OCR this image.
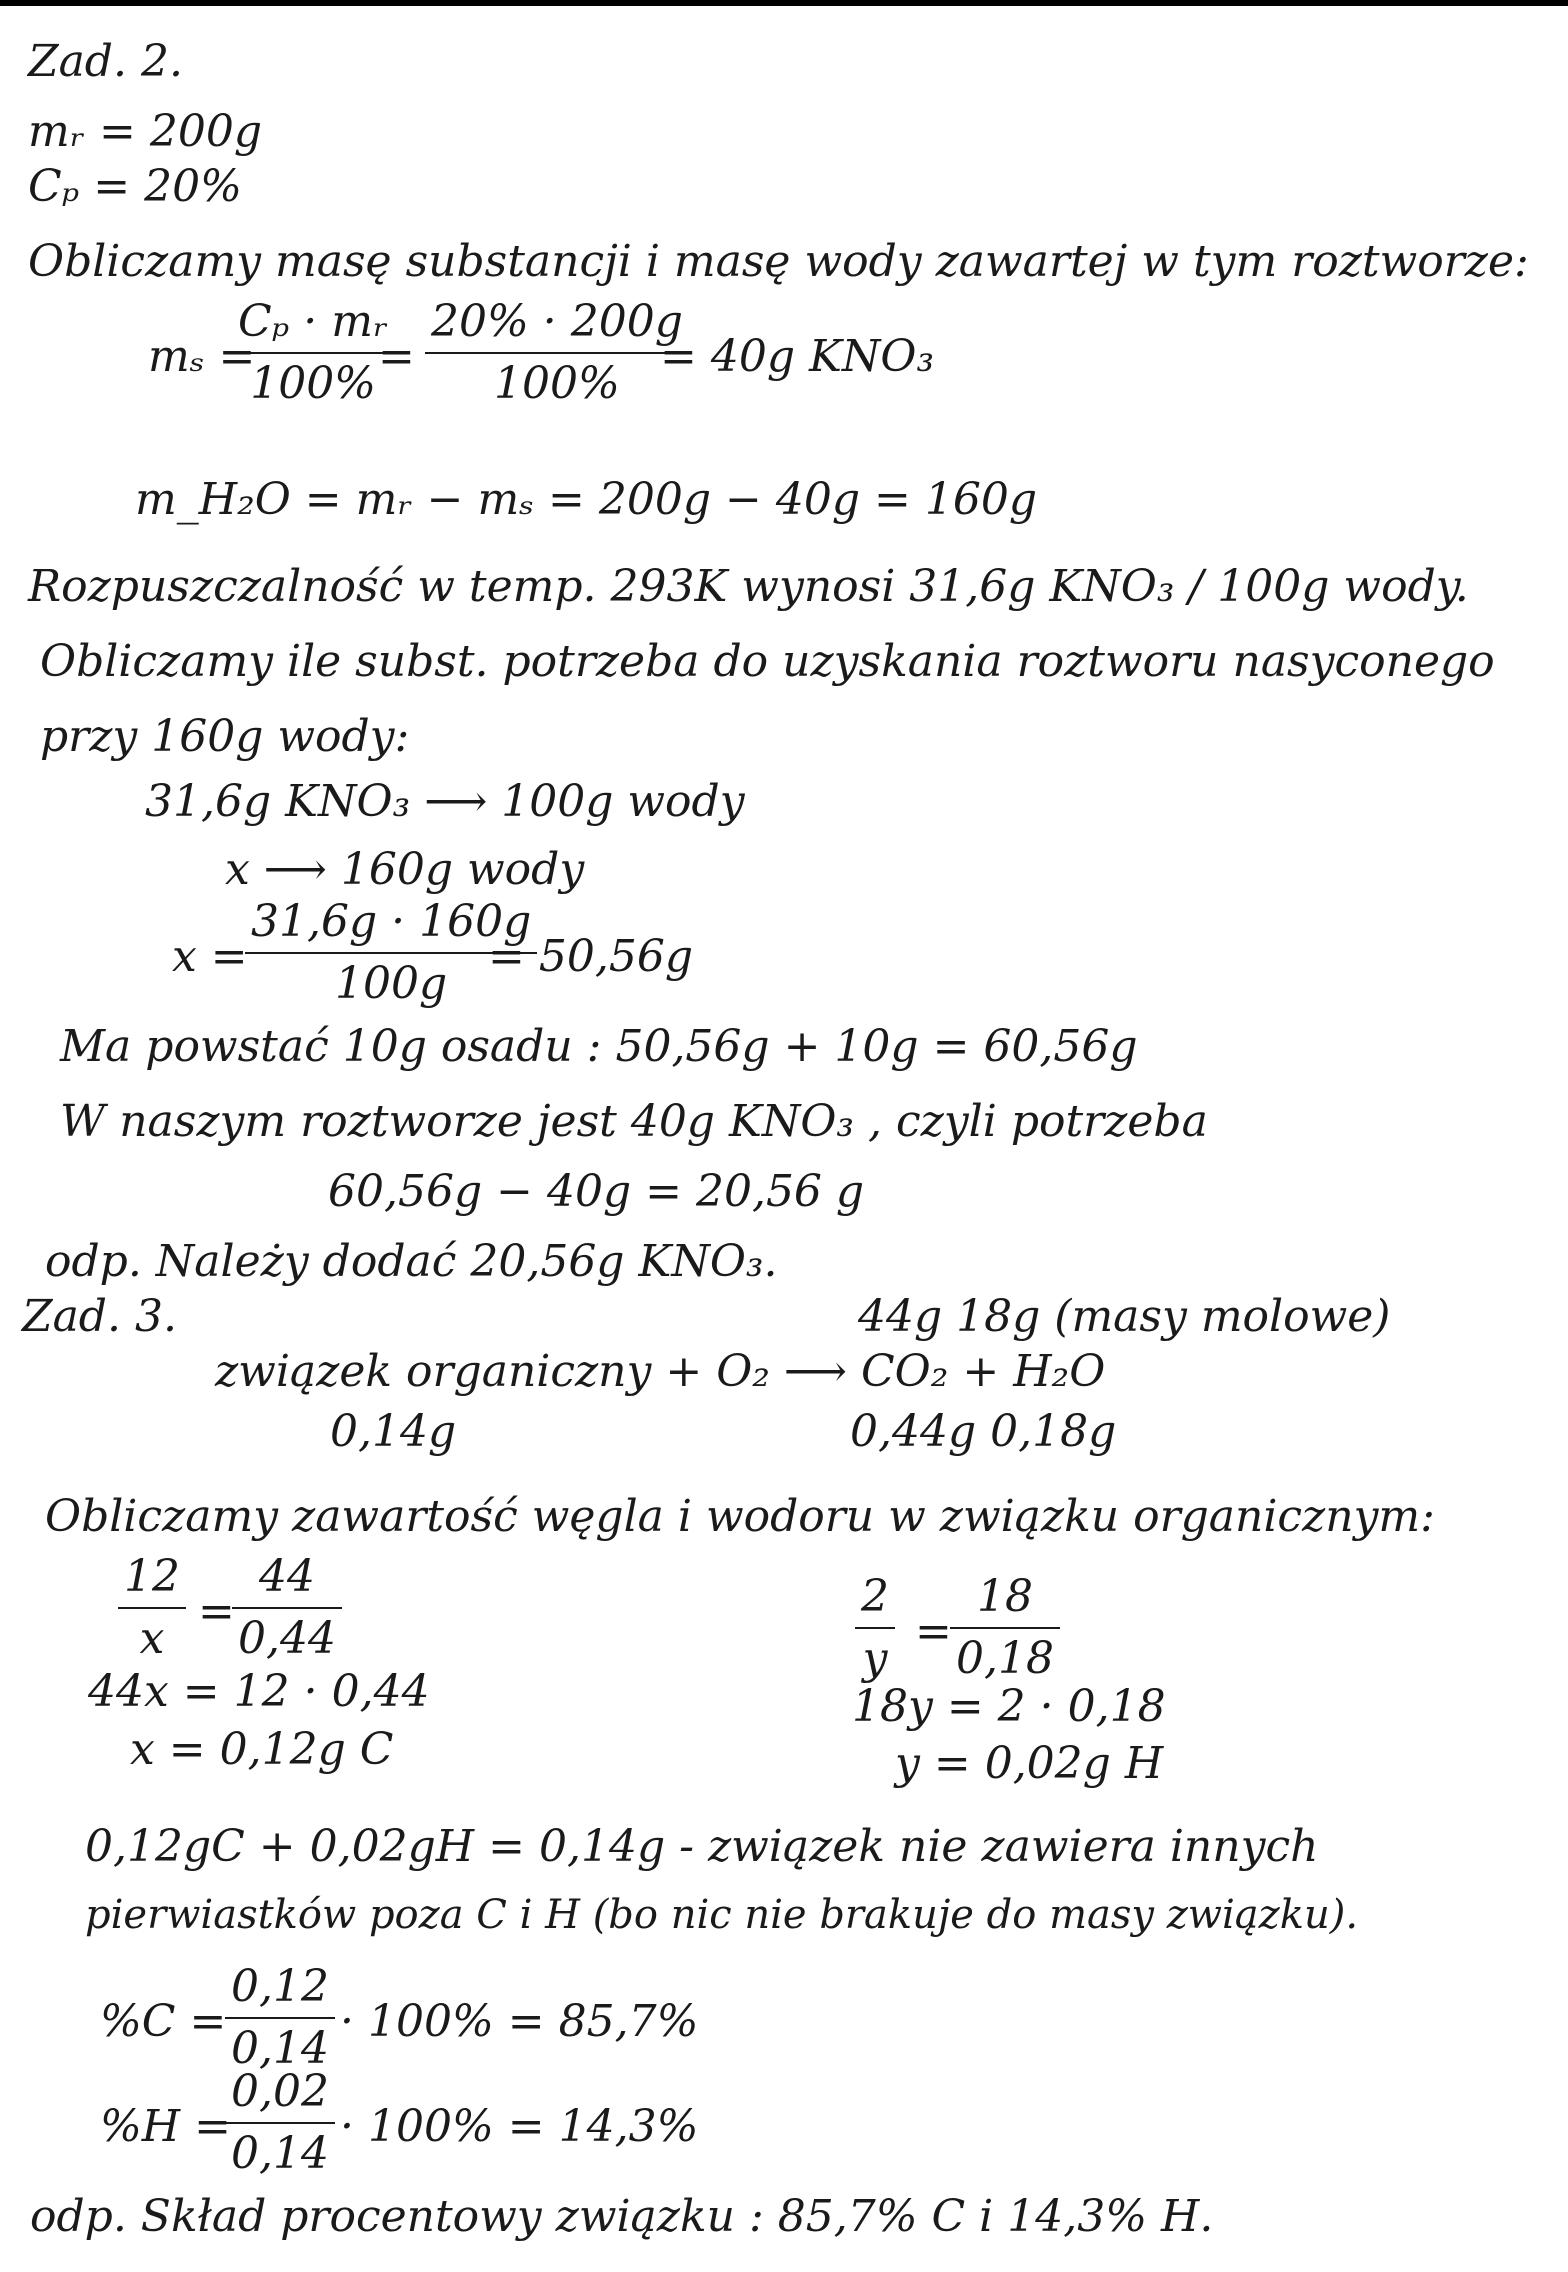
Zad. 2.
mᵣ = 200g
Cₚ = 20%
Obliczamy masę substancji i masę wody zawartej w tym roztworze:
mₛ =
$\frac{\text{Cₚ · mᵣ}}{100\%}$
= $\frac{20\% \cdot 200g}{100\%}$
= 40g KNO₃
m_H₂O = mᵣ − mₛ = 200g − 40g = 160g
Rozpuszczalność w temp. 293K wynosi 31,6g KNO₃ / 100g wody.
Obliczamy ile subst. potrzeba do uzyskania roztworu nasyconego
przy 160g wody:
31,6g KNO₃ ⟶ 100g wody
x ⟶ 160g wody
x =
$\frac{31,6g \cdot 160g}{100g}$
= 50,56g
Ma powstać 10g osadu : 50,56g + 10g = 60,56g
W naszym roztworze jest 40g KNO₃ , czyli potrzeba
60,56g − 40g = 20,56 g
odp. Należy dodać 20,56g KNO₃.
Zad. 3.	44g 18g (masy molowe)
związek organiczny + O₂ ⟶ CO₂ + H₂O
0,14g	0,44g 0,18g
Obliczamy zawartość węgla i wodoru w związku organicznym:
$\frac{12}{x}$ =
$\frac{44}{0,44}$
44x = 12 · 0,44
x = 0,12g C
$\frac{2}{y}$ =
$\frac{18}{0,18}$
18y = 2 · 0,18
y = 0,02g H
0,12gC + 0,02gH = 0,14g - związek nie zawiera innych
pierwiastków poza C i H (bo nic nie brakuje do masy związku).
%C =
$\frac{0,12}{0,14} \cdot 100\% = 85,7\%$
%H =
$\frac{0,02}{0,14} \cdot 100\% = 14,3\%$
odp. Skład procentowy związku : 85,7% C i 14,3% H.
